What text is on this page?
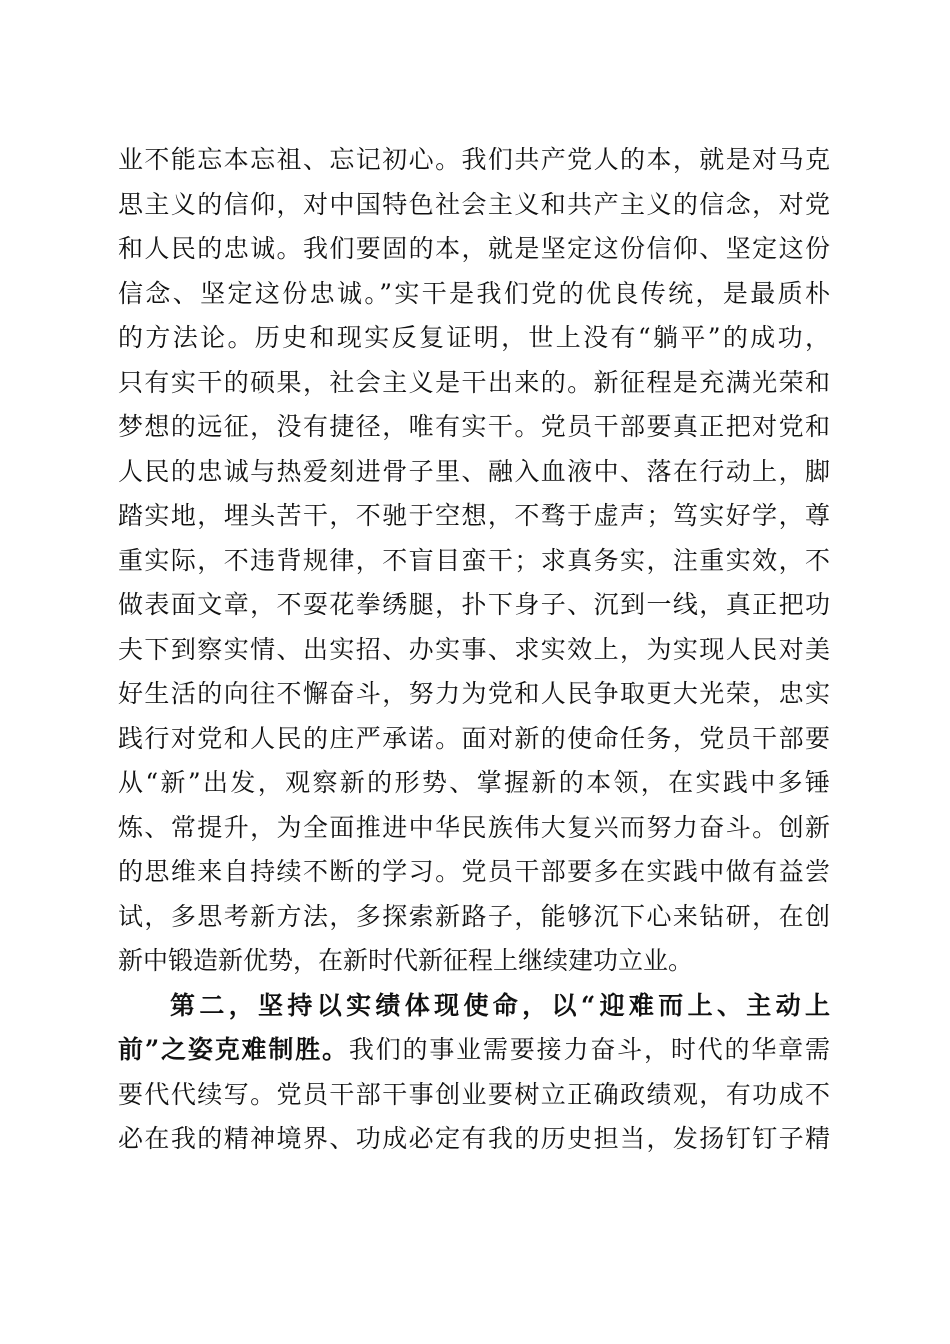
业不能忘本忘祖、忘记初心。我们共产党人的本，就是对马克
思主义的信仰，对中国特色社会主义和共产主义的信念，对党
和人民的忠诚。我们要固的本，就是坚定这份信仰、坚定这份
信念、坚定这份忠诚。”实干是我们党的优良传统，是最质朴
的方法论。历史和现实反复证明，世上没有“躺平”的成功，
只有实干的硕果，社会主义是干出来的。新征程是充满光荣和
梦想的远征，没有捷径，唯有实干。党员干部要真正把对党和
人民的忠诚与热爱刻进骨子里、融入血液中、落在行动上，脚
踏实地，埋头苦干，不驰于空想，不骛于虚声；笃实好学，尊
重实际，不违背规律，不盲目蛮干；求真务实，注重实效，不
做表面文章，不耍花拳绣腿，扑下身子、沉到一线，真正把功
夫下到察实情、出实招、办实事、求实效上，为实现人民对美
好生活的向往不懈奋斗，努力为党和人民争取更大光荣，忠实
践行对党和人民的庄严承诺。面对新的使命任务，党员干部要
从“新”出发，观察新的形势、掌握新的本领，在实践中多锤
炼、常提升，为全面推进中华民族伟大复兴而努力奋斗。创新
的思维来自持续不断的学习。党员干部要多在实践中做有益尝
试，多思考新方法，多探索新路子，能够沉下心来钻研，在创
新中锻造新优势，在新时代新征程上继续建功立业。
第二，坚持以实绩体现使命，以“迎难而上、主动上
前”之姿克难制胜。我们的事业需要接力奋斗，时代的华章需
要代代续写。党员干部干事创业要树立正确政绩观，有功成不
必在我的精神境界、功成必定有我的历史担当，发扬钉钉子精
